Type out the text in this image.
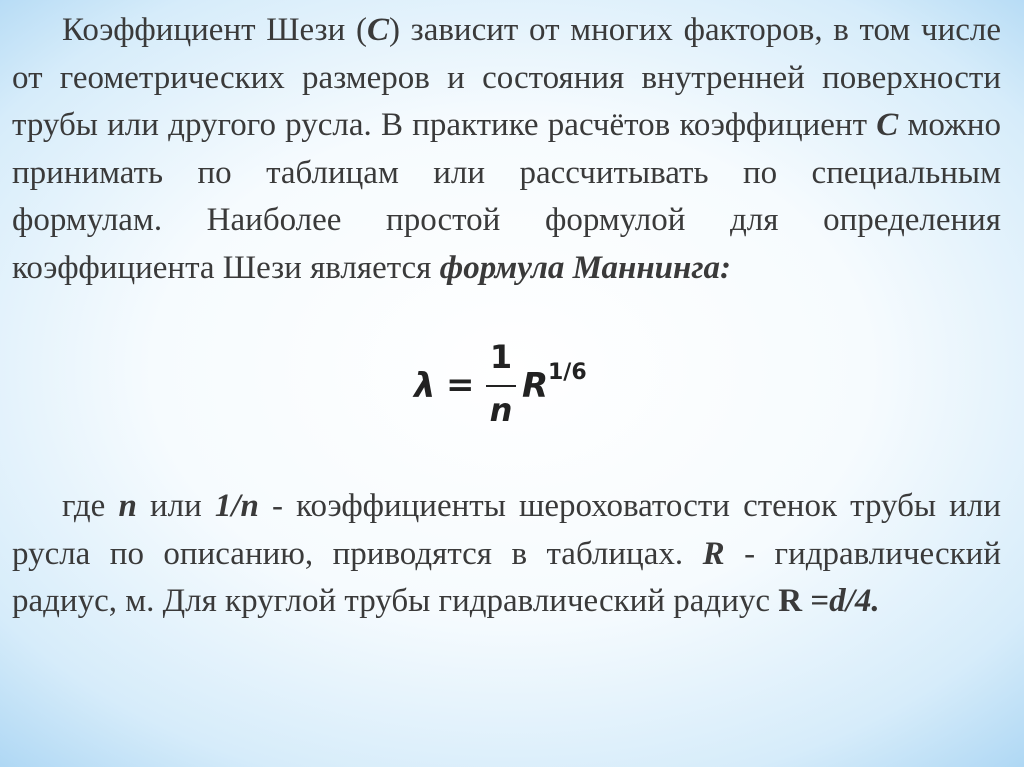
Коэффициент Шези (C) зависит от многих факторов, в том числе от геометрических размеров и состояния внутренней поверхности трубы или другого русла. В практике расчётов коэффициент C можно принимать по таблицам или рассчитывать по специальным формулам. Наиболее простой формулой для определения коэффициента Шези является формула Маннинга:

λ =
1
n
R 1/6

где n или 1/n - коэффициенты шероховатости стенок трубы или русла по описанию, приводятся в таблицах. R - гидравлический радиус, м. Для круглой трубы гидравлический радиус R =d/4.
